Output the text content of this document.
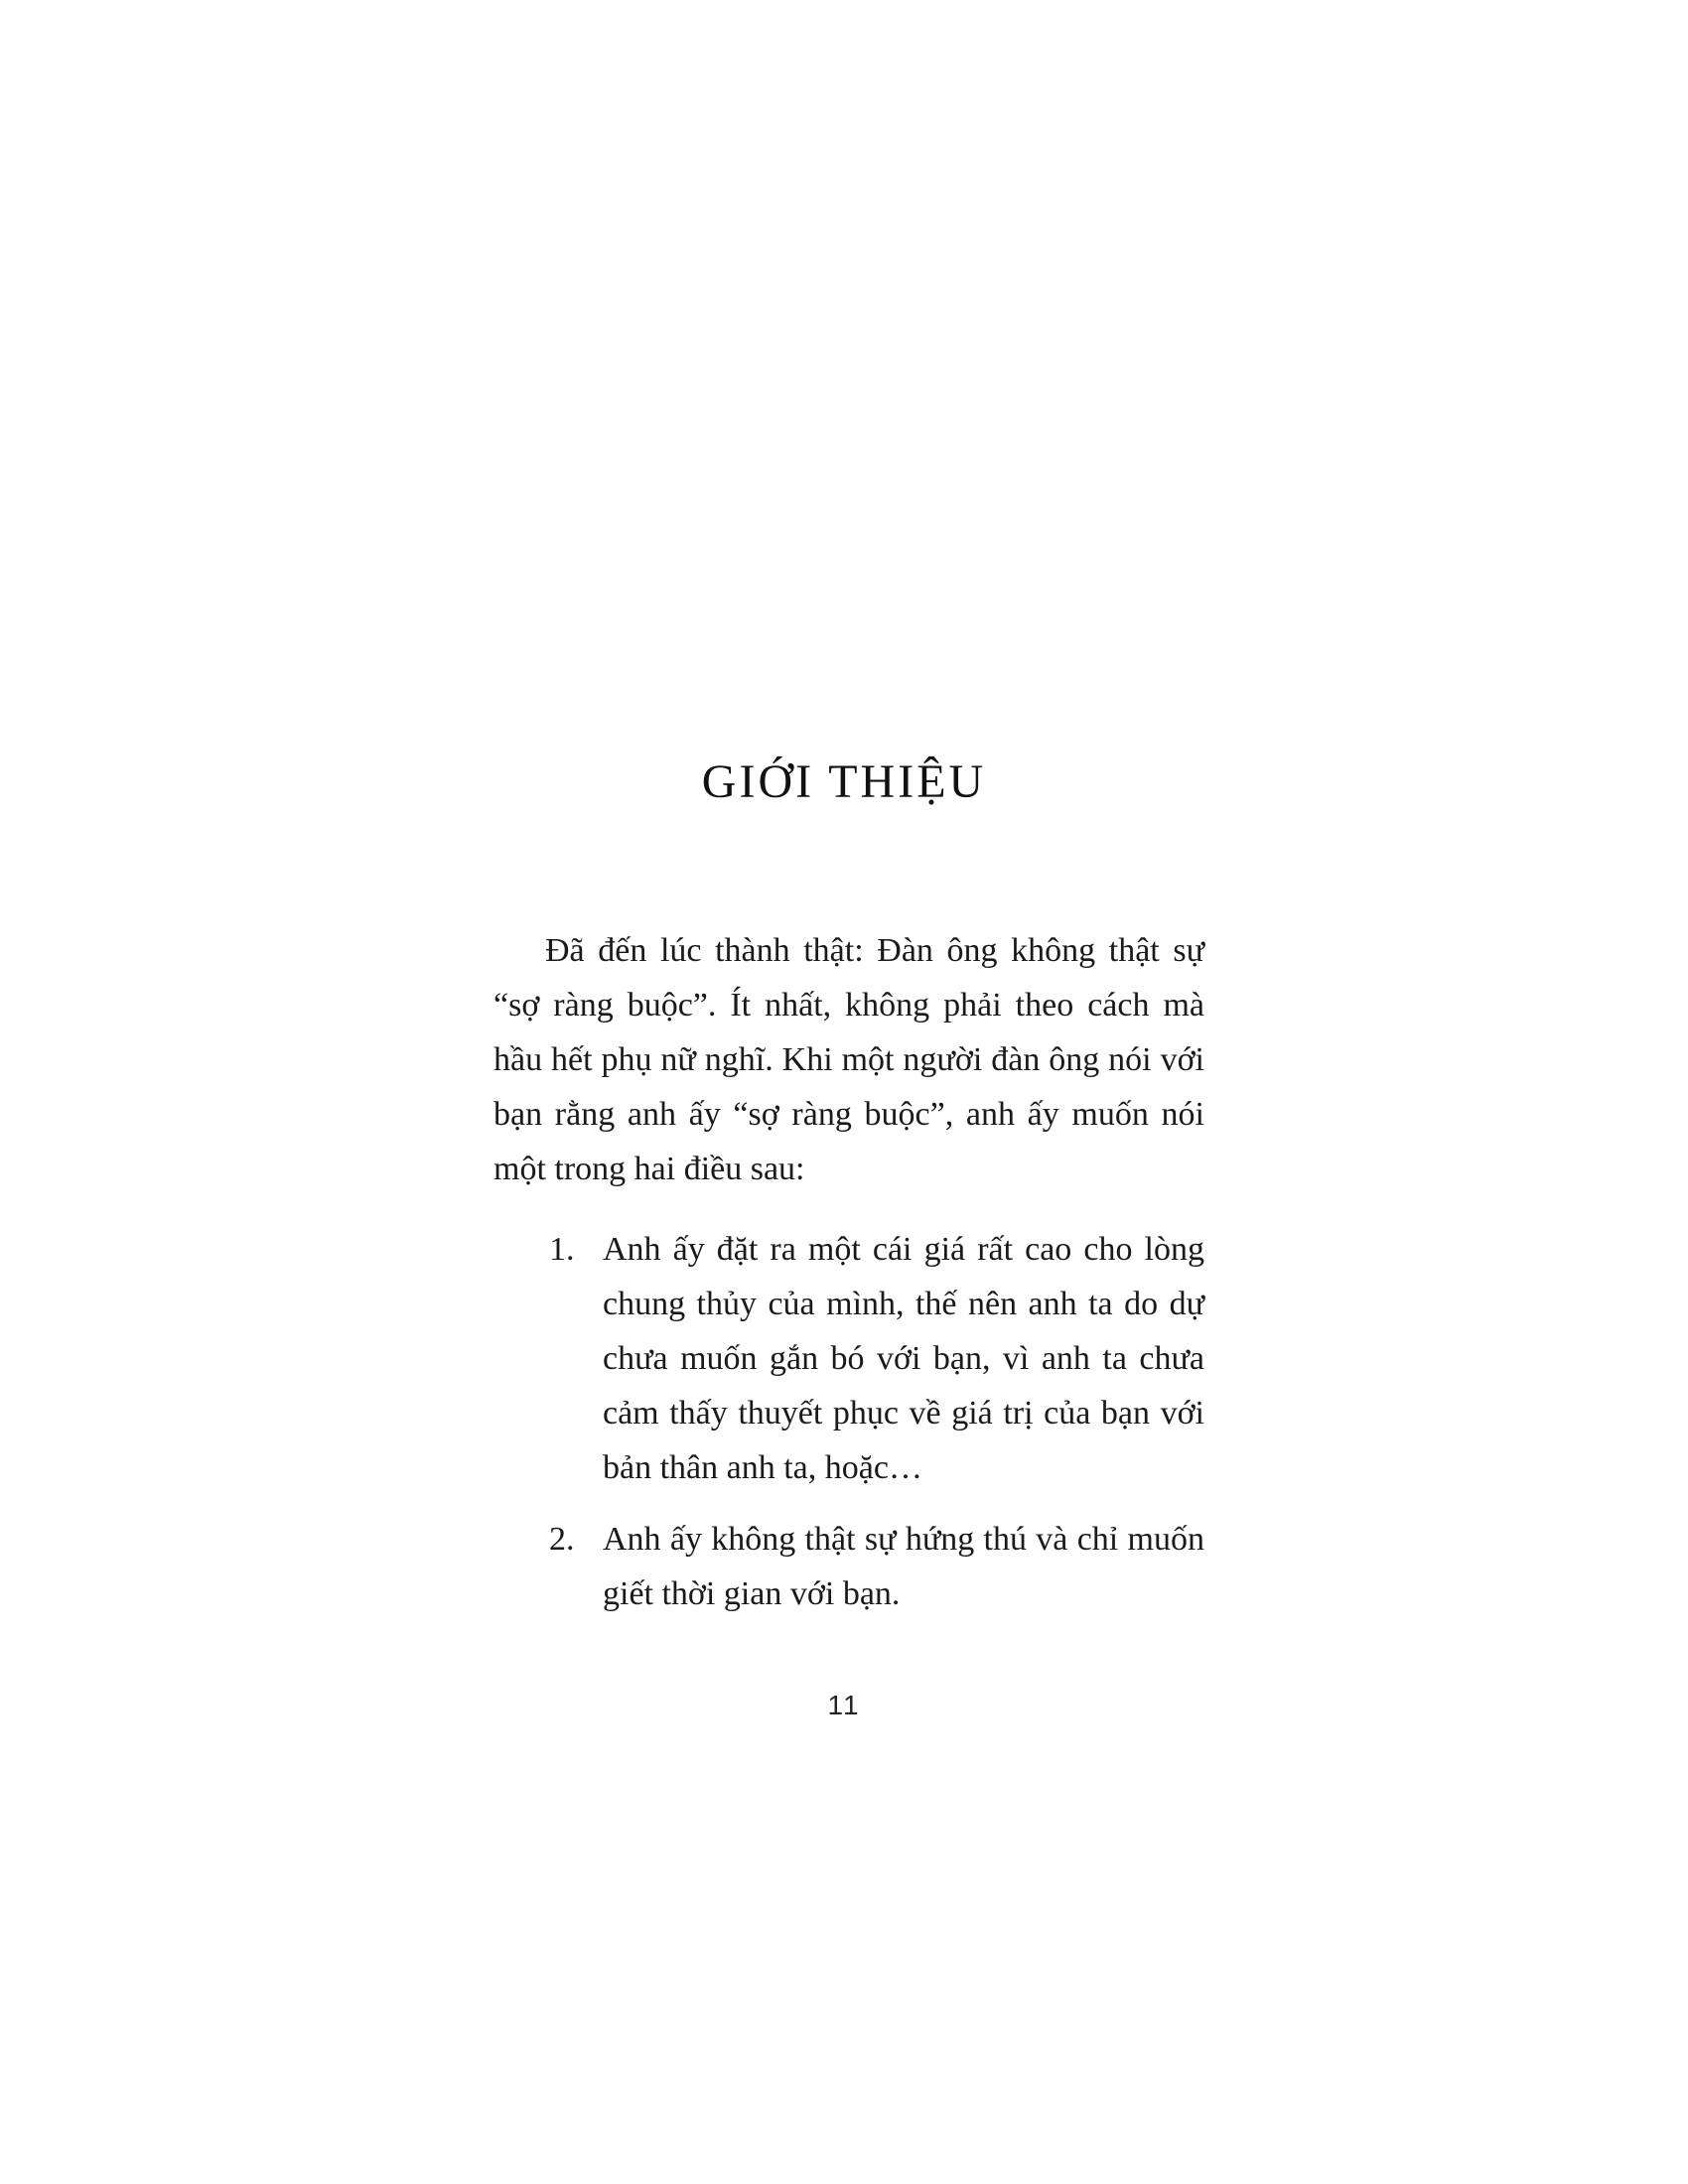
GIỚI THIỆU

Đã đến lúc thành thật: Đàn ông không thật sự “sợ ràng buộc”. Ít nhất, không phải theo cách mà hầu hết phụ nữ nghĩ. Khi một người đàn ông nói với bạn rằng anh ấy “sợ ràng buộc”, anh ấy muốn nói một trong hai điều sau:

1. Anh ấy đặt ra một cái giá rất cao cho lòng chung thủy của mình, thế nên anh ta do dự chưa muốn gắn bó với bạn, vì anh ta chưa cảm thấy thuyết phục về giá trị của bạn với bản thân anh ta, hoặc…
2. Anh ấy không thật sự hứng thú và chỉ muốn giết thời gian với bạn.
11
